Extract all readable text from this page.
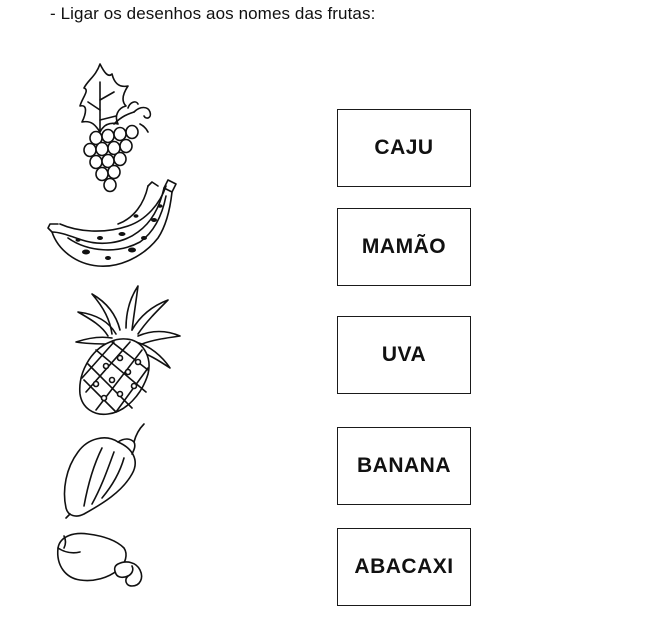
- Ligar os desenhos aos nomes das frutas:
CAJU
MAMÃO
UVA
BANANA
ABACAXI
